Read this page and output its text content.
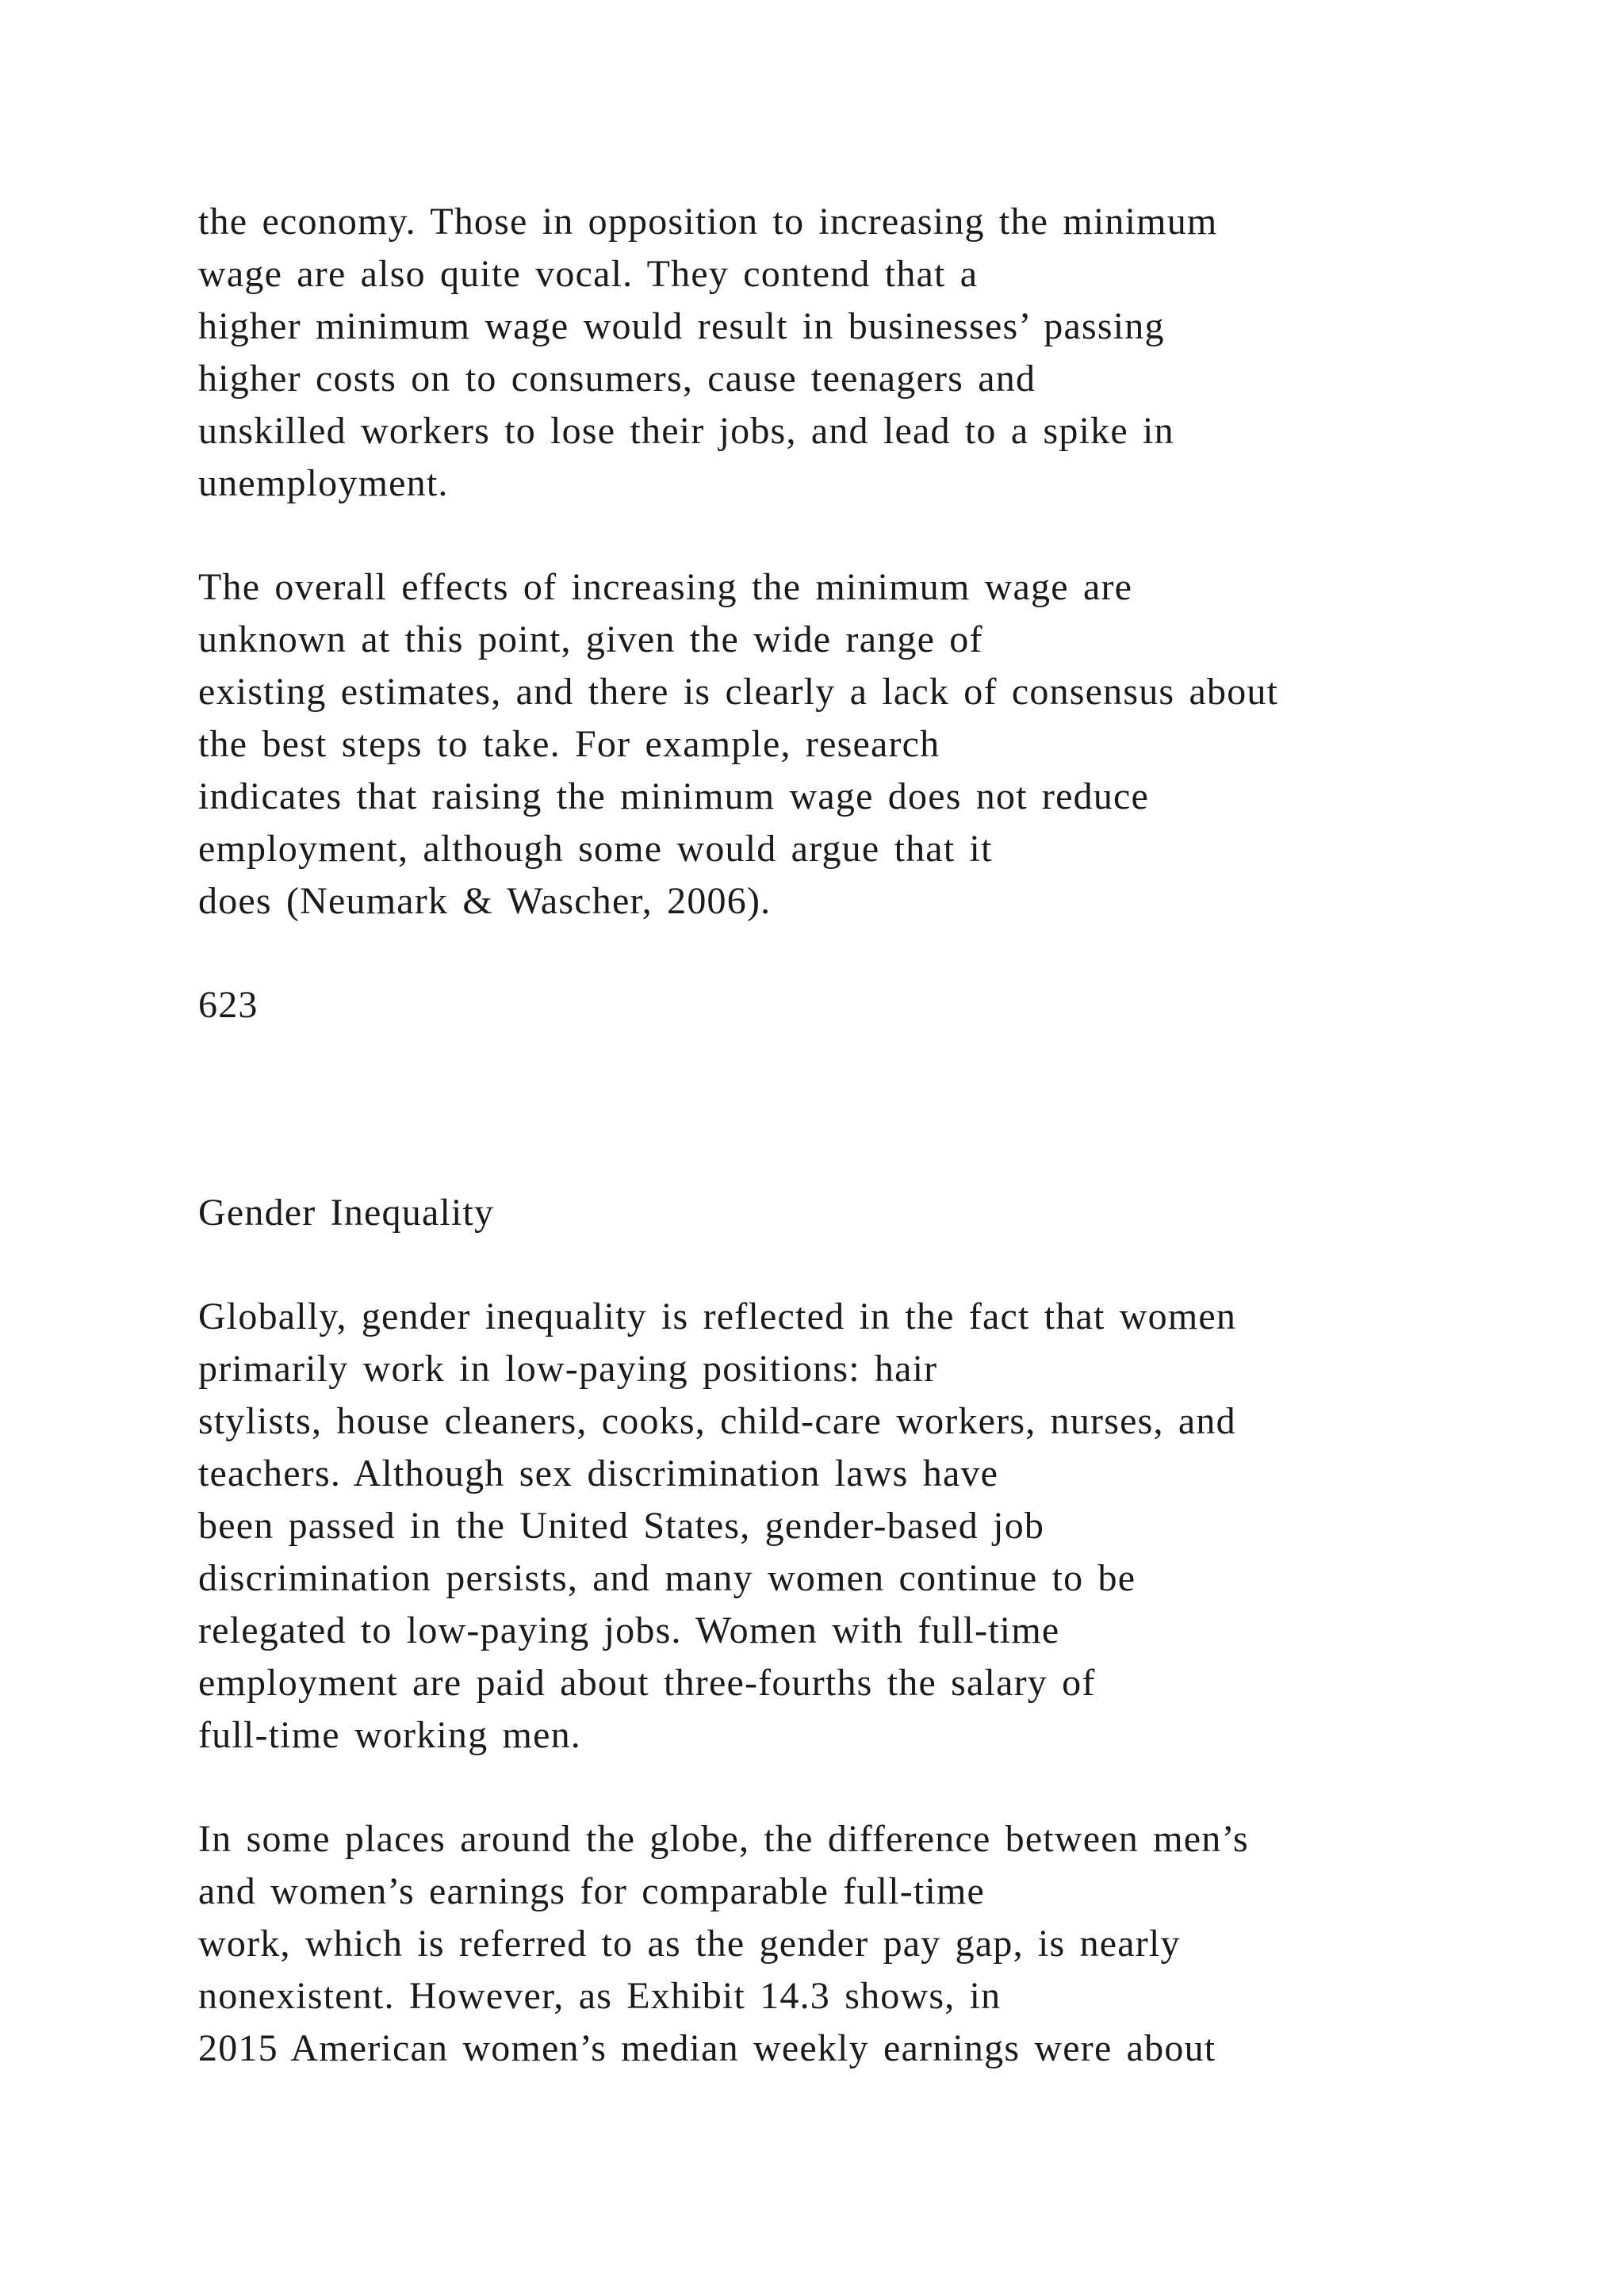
the economy. Those in opposition to increasing the minimum

wage are also quite vocal. They contend that a

higher minimum wage would result in businesses’ passing

higher costs on to consumers, cause teenagers and

unskilled workers to lose their jobs, and lead to a spike in

unemployment.

The overall effects of increasing the minimum wage are

unknown at this point, given the wide range of

existing estimates, and there is clearly a lack of consensus about

the best steps to take. For example, research

indicates that raising the minimum wage does not reduce

employment, although some would argue that it

does (Neumark & Wascher, 2006).

623

Gender Inequality

Globally, gender inequality is reflected in the fact that women

primarily work in low-paying positions: hair

stylists, house cleaners, cooks, child-care workers, nurses, and

teachers. Although sex discrimination laws have

been passed in the United States, gender-based job

discrimination persists, and many women continue to be

relegated to low-paying jobs. Women with full-time

employment are paid about three-fourths the salary of

full-time working men.

In some places around the globe, the difference between men’s

and women’s earnings for comparable full-time

work, which is referred to as the gender pay gap, is nearly

nonexistent. However, as Exhibit 14.3 shows, in

2015 American women’s median weekly earnings were about
